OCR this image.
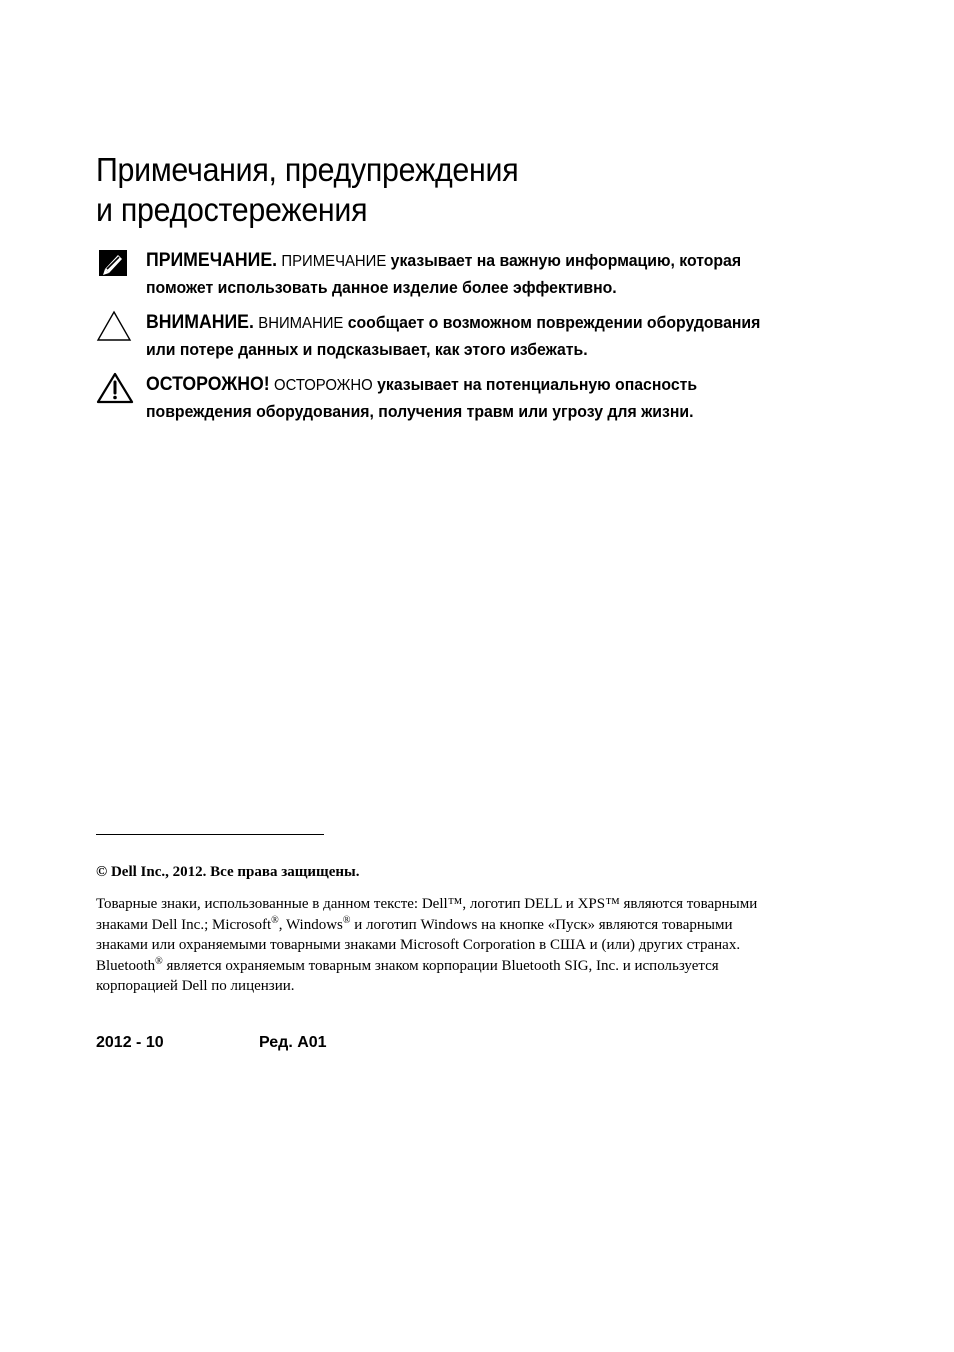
Примечания, предупреждения
и предостережения
ПРИМЕЧАНИЕ. ПРИМЕЧАНИЕ указывает на важную информацию, которая
поможет использовать данное изделие более эффективно.
ВНИМАНИЕ. ВНИМАНИЕ сообщает о возможном повреждении оборудования
или потере данных и подсказывает, как этого избежать.
ОСТОРОЖНО! ОСТОРОЖНО указывает на потенциальную опасность
повреждения оборудования, получения травм или угрозу для жизни.
© Dell Inc., 2012. Все права защищены.

Товарные знаки, использованные в данном тексте: Dell™, логотип DELL и XPS™ являются товарными

знаками Dell Inc.; Microsoft®, Windows® и логотип Windows на кнопке «Пуск» являются товарными

знаками или охраняемыми товарными знаками Microsoft Corporation в США и (или) других странах.

Bluetooth® является охраняемым товарным знаком корпорации Bluetooth SIG, Inc. и используется

корпорацией Dell по лицензии.

2012 - 10	Ред. A01
